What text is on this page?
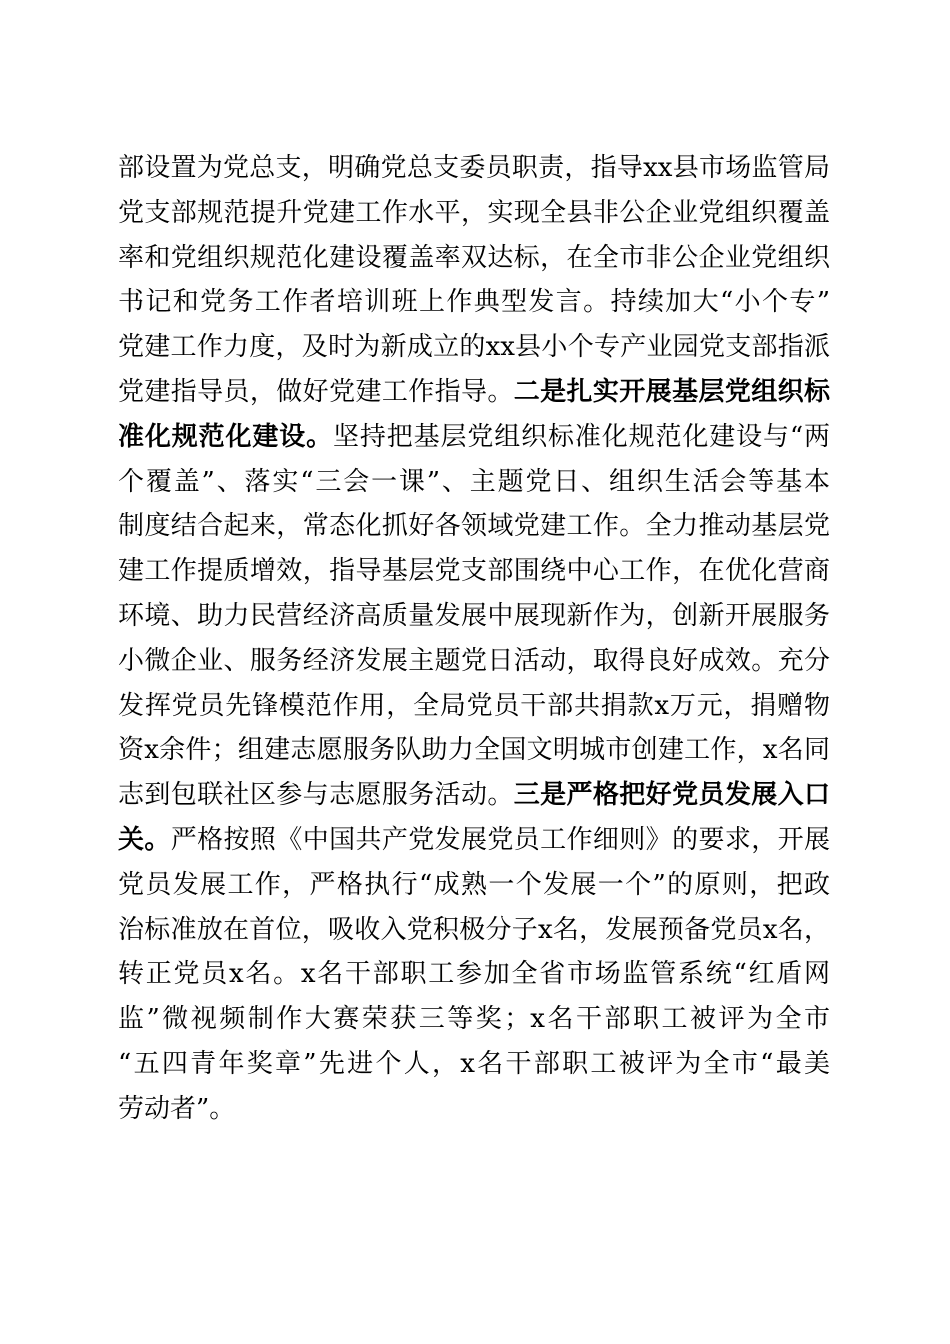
部设置为党总支，明确党总支委员职责，指导xx县市场监管局
党支部规范提升党建工作水平，实现全县非公企业党组织覆盖
率和党组织规范化建设覆盖率双达标，在全市非公企业党组织
书记和党务工作者培训班上作典型发言。持续加大“小个专”
党建工作力度，及时为新成立的xx县小个专产业园党支部指派
党建指导员，做好党建工作指导。二是扎实开展基层党组织标
准化规范化建设。坚持把基层党组织标准化规范化建设与“两
个覆盖”、落实“三会一课”、主题党日、组织生活会等基本
制度结合起来，常态化抓好各领域党建工作。全力推动基层党
建工作提质增效，指导基层党支部围绕中心工作，在优化营商
环境、助力民营经济高质量发展中展现新作为，创新开展服务
小微企业、服务经济发展主题党日活动，取得良好成效。充分
发挥党员先锋模范作用，全局党员干部共捐款x万元，捐赠物
资x余件；组建志愿服务队助力全国文明城市创建工作，x名同
志到包联社区参与志愿服务活动。三是严格把好党员发展入口
关。严格按照《中国共产党发展党员工作细则》的要求，开展
党员发展工作，严格执行“成熟一个发展一个”的原则，把政
治标准放在首位，吸收入党积极分子x名，发展预备党员x名，
转正党员x名。x名干部职工参加全省市场监管系统“红盾网
监”微视频制作大赛荣获三等奖；x名干部职工被评为全市
“五四青年奖章”先进个人，x名干部职工被评为全市“最美
劳动者”。
